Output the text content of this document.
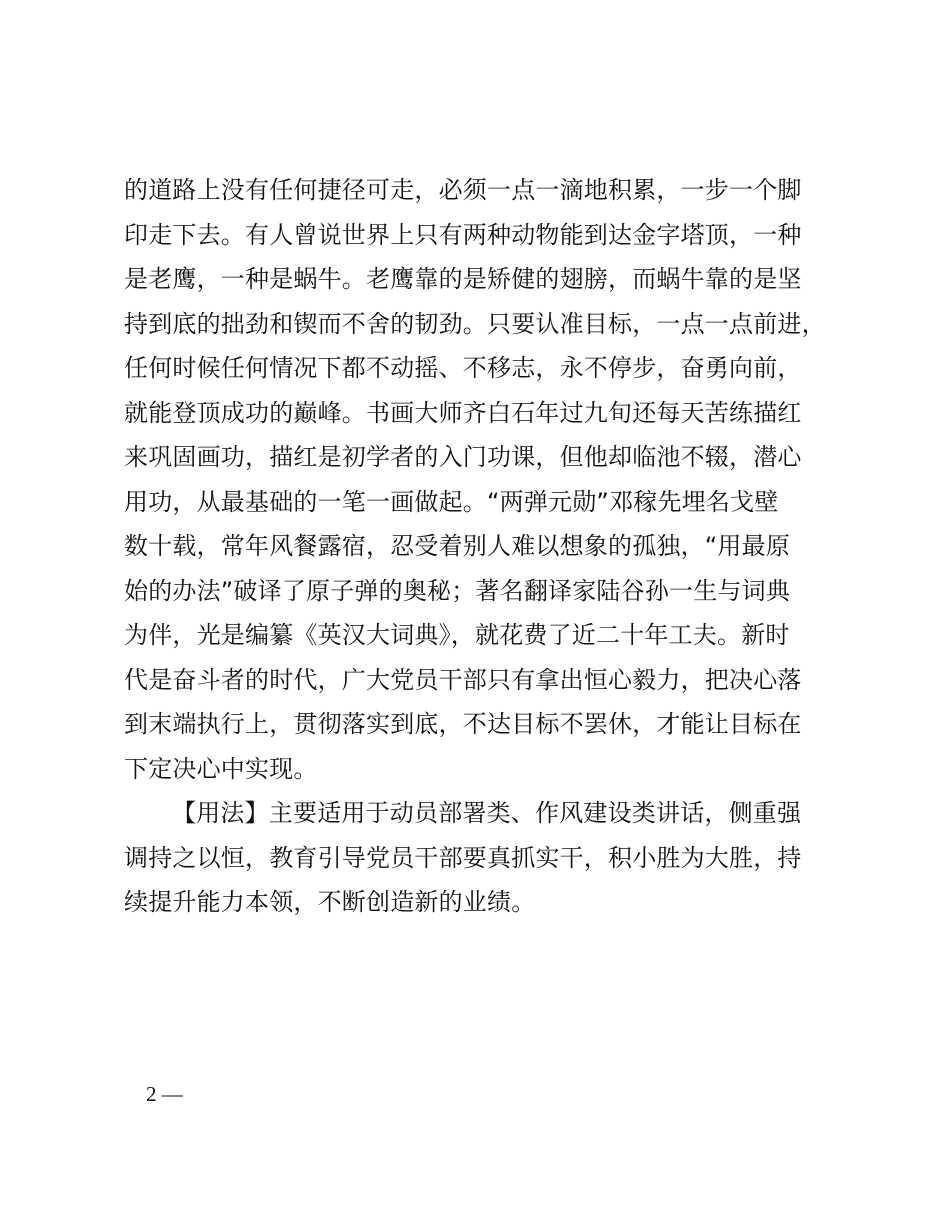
的道路上没有任何捷径可走，必须一点一滴地积累，一步一个脚
印走下去。有人曾说世界上只有两种动物能到达金字塔顶，一种
是老鹰，一种是蜗牛。老鹰靠的是矫健的翅膀，而蜗牛靠的是坚
持到底的拙劲和锲而不舍的韧劲。只要认准目标，一点一点前进，
任何时候任何情况下都不动摇、不移志，永不停步，奋勇向前，
就能登顶成功的巅峰。书画大师齐白石年过九旬还每天苦练描红
来巩固画功，描红是初学者的入门功课，但他却临池不辍，潜心
用功，从最基础的一笔一画做起。“两弹元勋”邓稼先埋名戈壁
数十载，常年风餐露宿，忍受着别人难以想象的孤独，“用最原
始的办法”破译了原子弹的奥秘；著名翻译家陆谷孙一生与词典
为伴，光是编纂《英汉大词典》，就花费了近二十年工夫。新时
代是奋斗者的时代，广大党员干部只有拿出恒心毅力，把决心落
到末端执行上，贯彻落实到底，不达目标不罢休，才能让目标在
下定决心中实现。
【用法】主要适用于动员部署类、作风建设类讲话，侧重强
调持之以恒，教育引导党员干部要真抓实干，积小胜为大胜，持
续提升能力本领，不断创造新的业绩。
2 —
